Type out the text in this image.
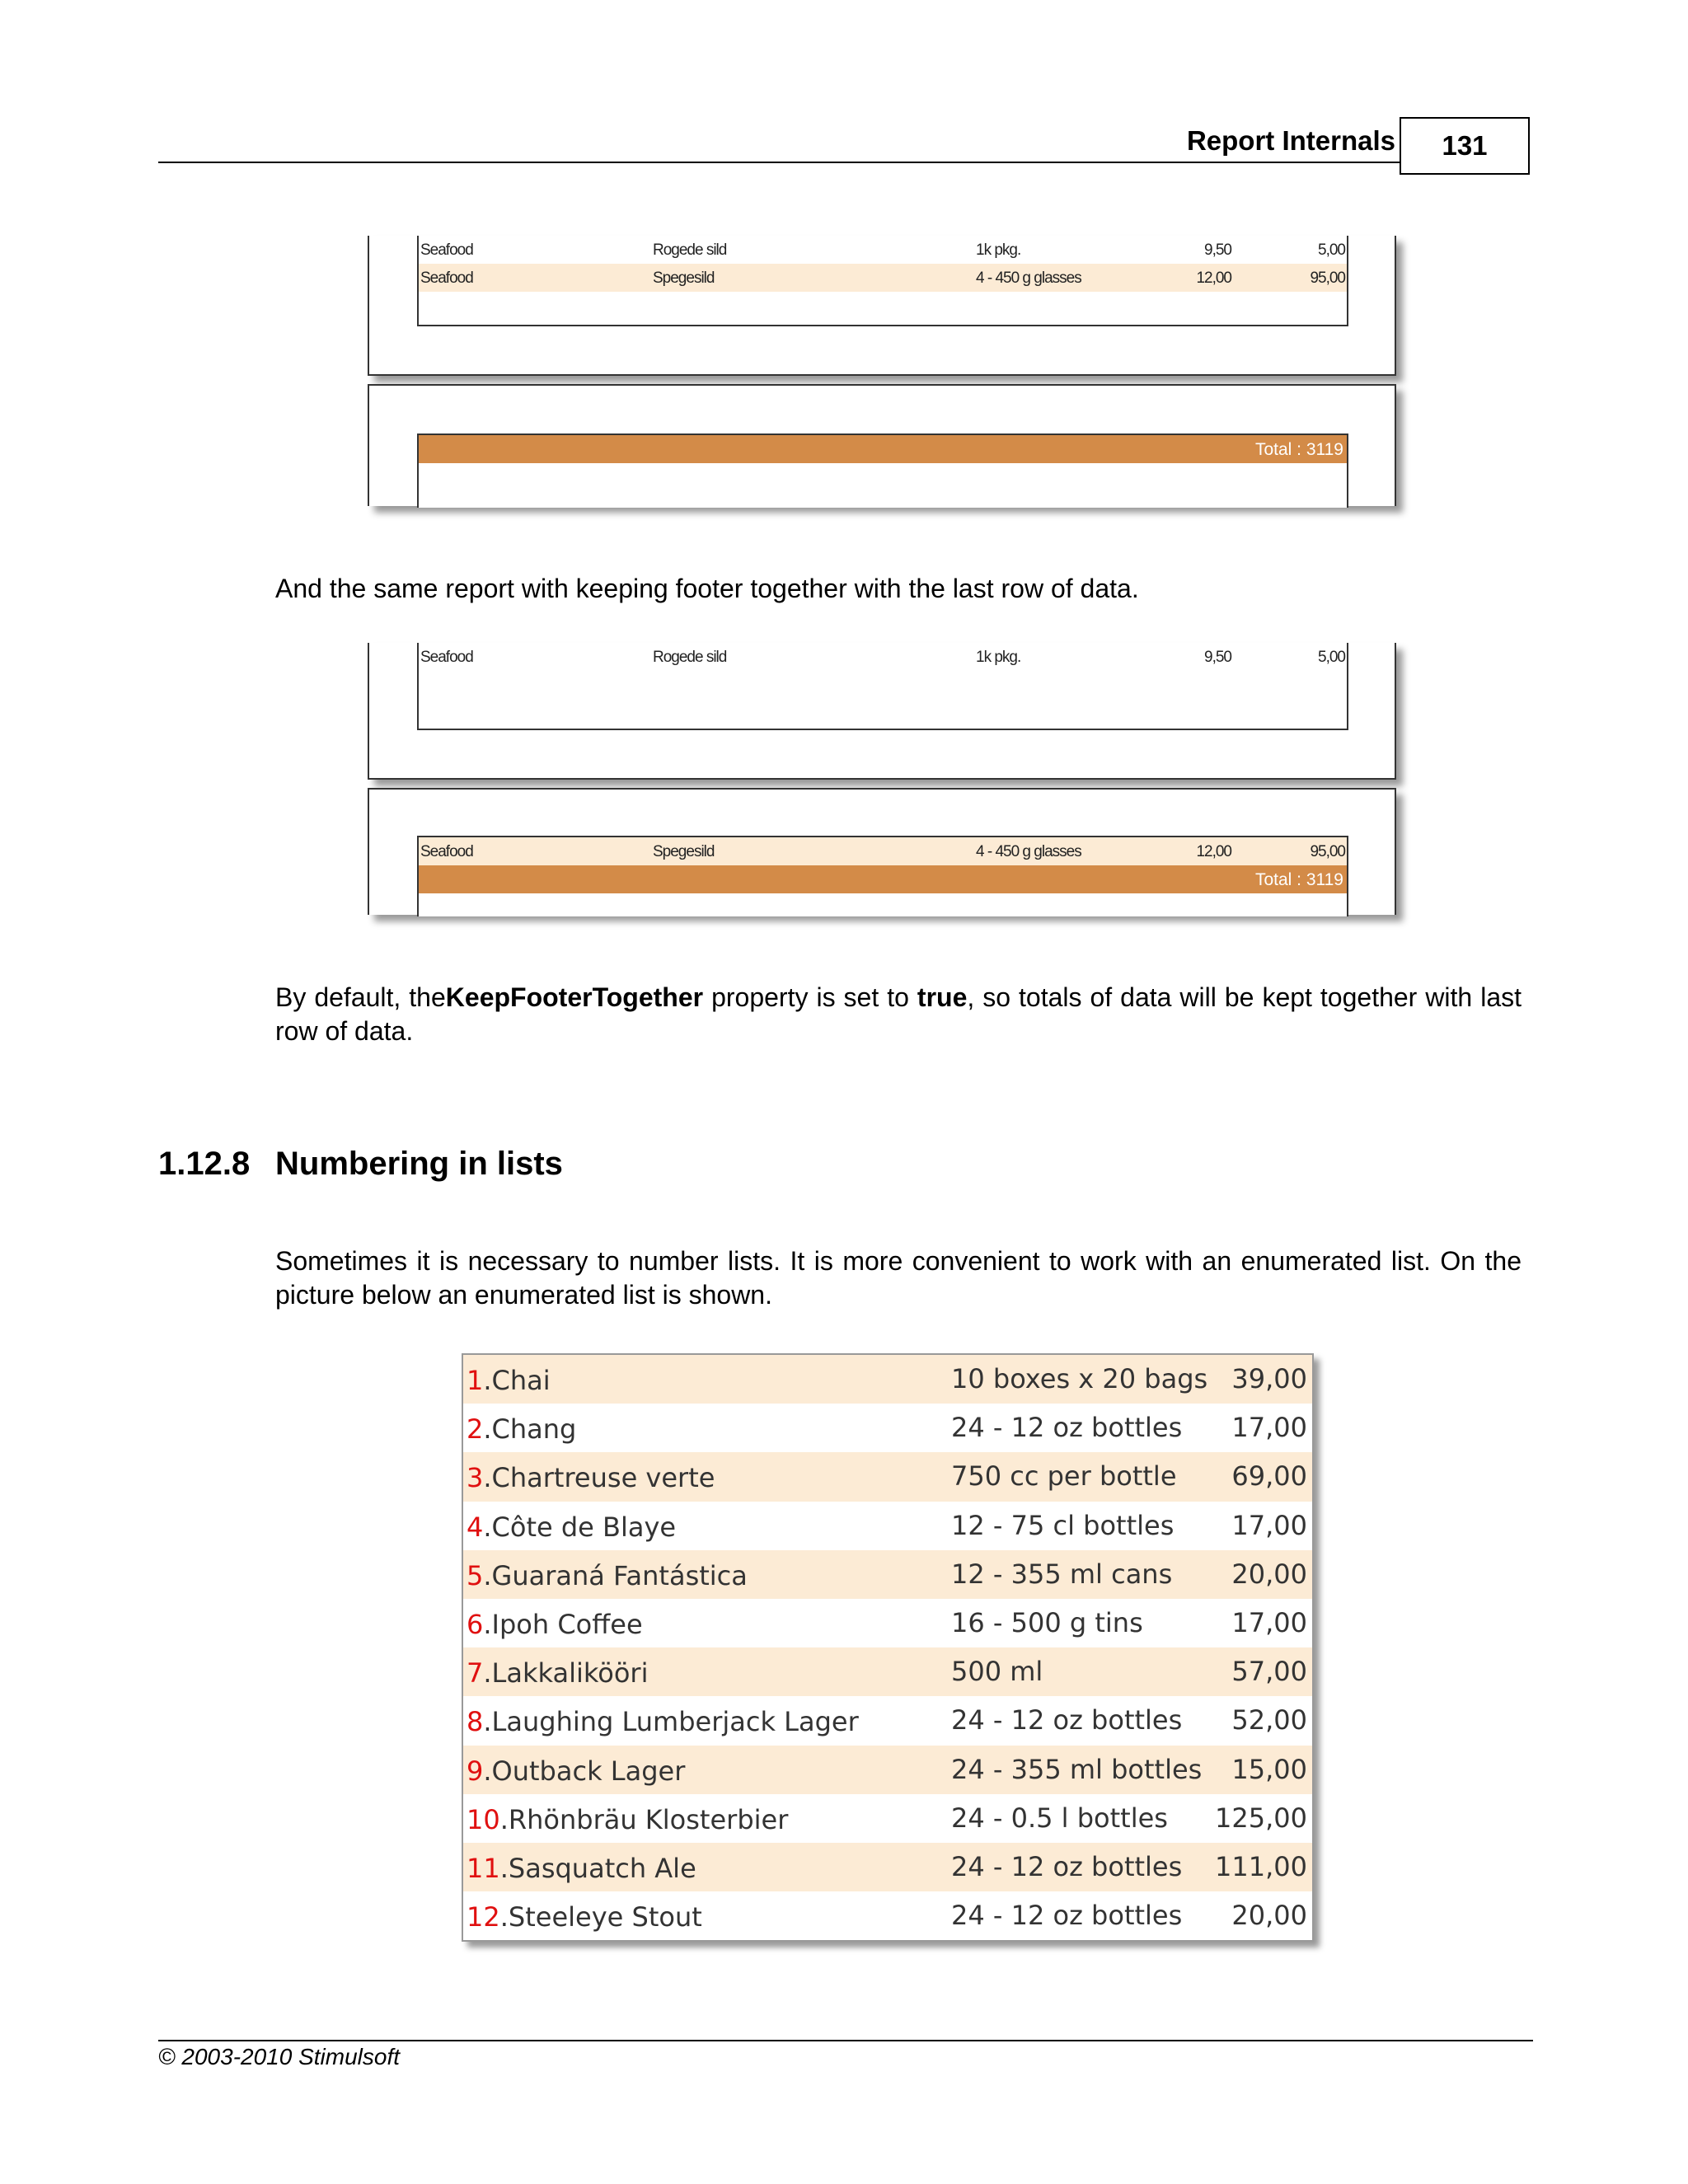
Report Internals	131
Seafood	Rogede sild	1k pkg.	9,50	5,00
Seafood	Spegesild	4 - 450 g glasses	12,00	95,00
Total : 3119
And the same report with keeping footer together with the last row of data.
Seafood	Rogede sild	1k pkg.	9,50	5,00
Seafood	Spegesild	4 - 450 g glasses	12,00	95,00
Total : 3119
By default, theKeepFooterTogether property is set to true, so totals of data will be kept together with last row of data.
1.12.8 Numbering in lists
Sometimes it is necessary to number lists. It is more convenient to work with an enumerated list. On the picture below an enumerated list is shown.
1.Chai	10 boxes x 20 bags 39,00
2.Chang	24 - 12 oz bottles 17,00
3.Chartreuse verte	750 cc per bottle 69,00
4.Côte de Blaye	12 - 75 cl bottles 17,00
5.Guaraná Fantástica	12 - 355 ml cans 20,00
6.Ipoh Coffee	16 - 500 g tins	17,00
7.Lakkalikööri	500 ml	57,00
8.Laughing Lumberjack Lager	24 - 12 oz bottles 52,00
9.Outback Lager	24 - 355 ml bottles 15,00
10.Rhönbräu Klosterbier	24 - 0.5 l bottles 125,00
11.Sasquatch Ale	24 - 12 oz bottles 111,00
12.Steeleye Stout	24 - 12 oz bottles 20,00
© 2003-2010 Stimulsoft
